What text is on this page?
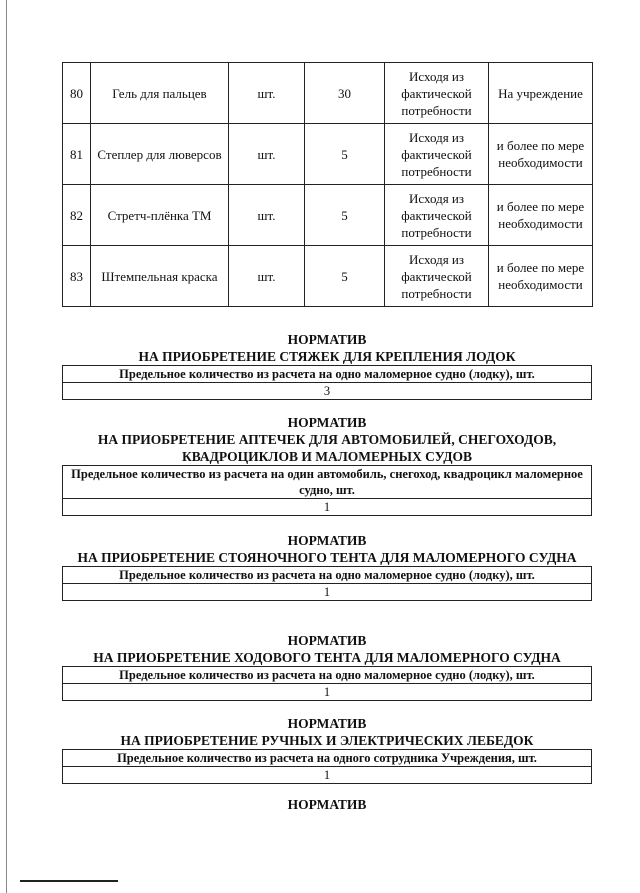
80	Гель для пальцев	шт.	30	Исходя из фактической потребности	На учреждение
81	Степлер для люверсов	шт.	5	Исходя из фактической потребности	и более по мере необходимости
82	Стретч-плёнка ТМ	шт.	5	Исходя из фактической потребности	и более по мере необходимости
83	Штемпельная краска	шт.	5	Исходя из фактической потребности	и более по мере необходимости

НОРМАТИВ

НА ПРИОБРЕТЕНИЕ СТЯЖЕК ДЛЯ КРЕПЛЕНИЯ ЛОДОК

Предельное количество из расчета на одно маломерное судно (лодку), шт.
3

НОРМАТИВ

НА ПРИОБРЕТЕНИЕ АПТЕЧЕК ДЛЯ АВТОМОБИЛЕЙ, СНЕГОХОДОВ, КВАДРОЦИКЛОВ И МАЛОМЕРНЫХ СУДОВ

Предельное количество из расчета на один автомобиль, снегоход, квадроцикл маломерное судно, шт.
1

НОРМАТИВ

НА ПРИОБРЕТЕНИЕ СТОЯНОЧНОГО ТЕНТА ДЛЯ МАЛОМЕРНОГО СУДНА

Предельное количество из расчета на одно маломерное судно (лодку), шт.
1

НОРМАТИВ

НА ПРИОБРЕТЕНИЕ ХОДОВОГО ТЕНТА ДЛЯ МАЛОМЕРНОГО СУДНА

Предельное количество из расчета на одно маломерное судно (лодку), шт.
1

НОРМАТИВ

НА ПРИОБРЕТЕНИЕ РУЧНЫХ И ЭЛЕКТРИЧЕСКИХ ЛЕБЕДОК

Предельное количество из расчета на одного сотрудника Учреждения, шт.
1

НОРМАТИВ
